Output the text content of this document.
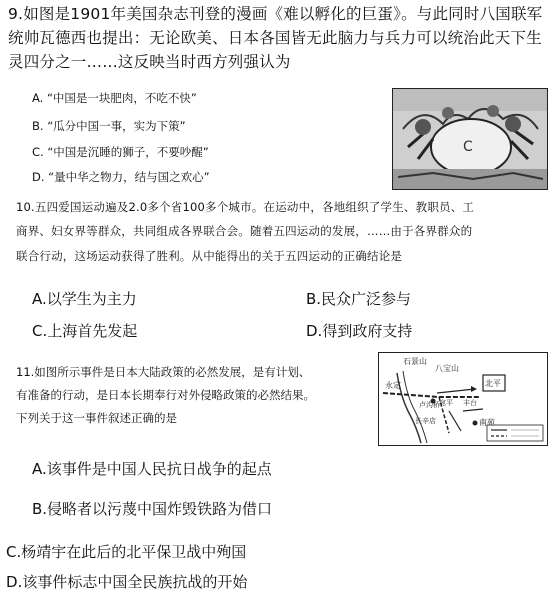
9.如图是1901年美国杂志刊登的漫画《难以孵化的巨蛋》。与此同时八国联军
统帅瓦德西也提出：无论欧美、日本各国皆无此脑力与兵力可以统治此天下生
灵四分之一……这反映当时西方列强认为
A. “中国是一块肥肉，不吃不快”
B. “瓜分中国一事，实为下策”
C. “中国是沉睡的狮子，不要吵醒”
D. “量中华之物力，结与国之欢心”
C
10.五四爱国运动遍及2.0多个省100多个城市。在运动中，各地组织了学生、教职员、工
商界、妇女界等群众，共同组成各界联合会。随着五四运动的发展，……由于各界群众的
联合行动，这场运动获得了胜利。从中能得出的关于五四运动的正确结论是
A.以学生为主力	B.民众广泛参与
C.上海首先发起	D.得到政府支持
11.如图所示事件是日本大陆政策的必然发展，是有计划、
有准备的行动，是日本长期奉行对外侵略政策的必然结果。
下列关于这一事件叙述正确的是
石景山
八宝山
北平
永定
卢沟桥 宛平 丰台
长辛店	南苑
A.该事件是中国人民抗日战争的起点
B.侵略者以污蔑中国炸毁铁路为借口
C.杨靖宇在此后的北平保卫战中殉国
D.该事件标志中国全民族抗战的开始
